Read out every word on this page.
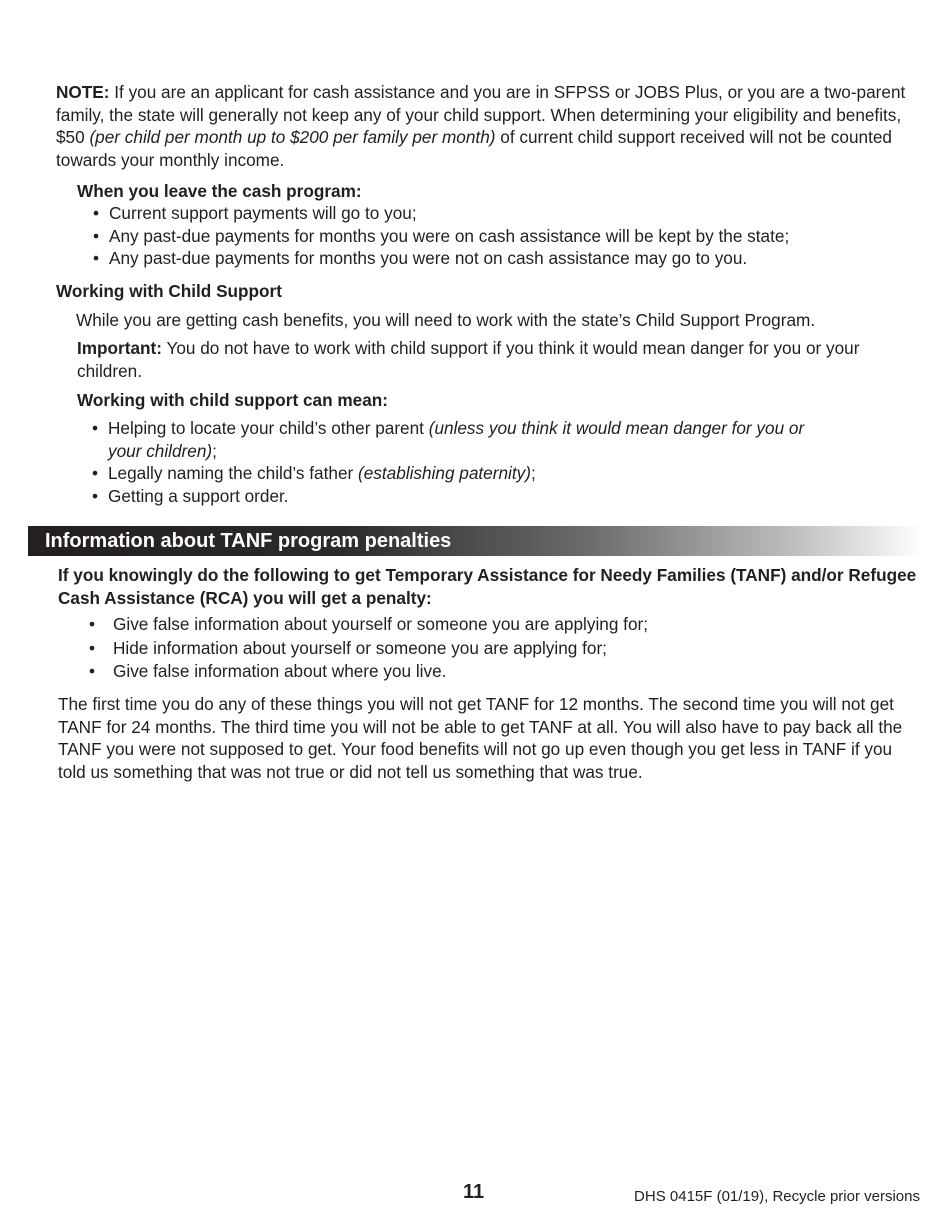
NOTE: If you are an applicant for cash assistance and you are in SFPSS or JOBS Plus, or you are a two-parent family, the state will generally not keep any of your child support. When determining your eligibility and benefits, $50 (per child per month up to $200 per family per month) of current child support received will not be counted towards your monthly income.

When you leave the cash program:

• Current support payments will go to you;
• Any past-due payments for months you were on cash assistance will be kept by the state;
• Any past-due payments for months you were not on cash assistance may go to you.

Working with Child Support

While you are getting cash benefits, you will need to work with the state’s Child Support Program.

Important: You do not have to work with child support if you think it would mean danger for you or your children.

Working with child support can mean:

• Helping to locate your child’s other parent (unless you think it would mean danger for you or your children);
• Legally naming the child’s father (establishing paternity);
• Getting a support order.
Information about TANF program penalties

If you knowingly do the following to get Temporary Assistance for Needy Families (TANF) and/or Refugee Cash Assistance (RCA) you will get a penalty:

• Give false information about yourself or someone you are applying for;
• Hide information about yourself or someone you are applying for;
• Give false information about where you live.

The first time you do any of these things you will not get TANF for 12 months. The second time you will not get TANF for 24 months. The third time you will not be able to get TANF at all. You will also have to pay back all the TANF you were not supposed to get. Your food benefits will not go up even though you get less in TANF if you told us something that was not true or did not tell us something that was true.

11	DHS 0415F (01/19), Recycle prior versions
